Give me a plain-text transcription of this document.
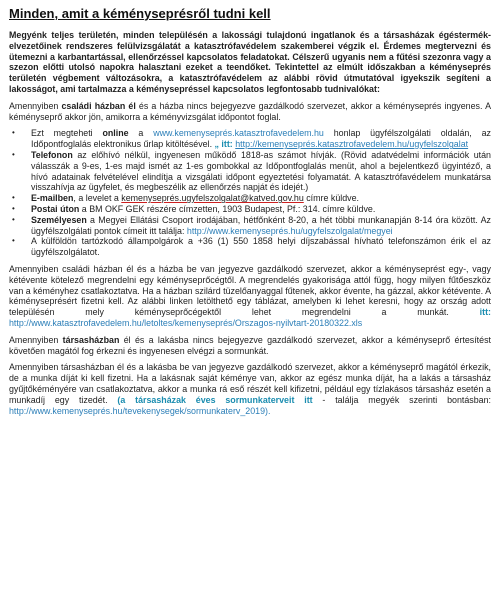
Minden, amit a kéményseprésről tudni kell

Megyénk teljes területén, minden településén a lakossági tulajdonú ingatlanok és a társasházak égéstermék-elvezetőinek rendszeres felülvizsgálatát a katasztrófavédelem szakemberei végzik el. Érdemes megtervezni és ütemezni a karbantartással, ellenőrzéssel kapcsolatos feladatokat. Célszerű ugyanis nem a fűtési szezonra vagy a szezon előtti utolsó napokra halasztani ezeket a teendőket. Tekintettel az elmúlt időszakban a kéményseprés területén végbement változásokra, a katasztrófavédelem az alábbi rövid útmutatóval igyekszik segíteni a lakosságot, ami tartalmazza a kéménysepréssel kapcsolatos legfontosabb tudnivalókat:

Amennyiben családi házban él és a házba nincs bejegyezve gazdálkodó szervezet, akkor a kéményseprés ingyenes. A kéményseprő akkor jön, amikorra a kéményvizsgálat időpontot foglal.

• Ezt megteheti online a www.kemenyseprés.katasztrofavedelem.hu honlap ügyfélszolgálati oldalán, az Időpontfoglalás elektronikus űrlap kitöltésével. „ itt: http://kemenyseprés.katasztrofavedelem.hu/ugyfelszolgalat
• Telefonon az előhívó nélkül, ingyenesen működő 1818-as számot hívják. (Rövid adatvédelmi információk után válasszák a 9-es, 1-es majd ismét az 1-es gombokkal az Időpontfoglalás menüt, ahol a bejelentkező ügyintéző, a hívó adatainak felvételével elindítja a vizsgálati időpont egyeztetési folyamatát. A katasztrófavédelem munkatársa visszahívja az ügyfelet, és megbeszélik az ellenőrzés napját és idejét.)
• E-mailben, a levelet a kemenyseprés.ugyfelszolgalat@katved.gov.hu címre küldve.
• Postai úton a BM OKF GEK részére címzetten, 1903 Budapest, Pf.: 314. címre küldve.
• Személyesen a Megyei Ellátási Csoport irodájában, hétfőnként 8-20, a hét többi munkanapján 8-14 óra között. Az ügyfélszolgálati pontok címeit itt találja: http://www.kemenyseprés.hu/ugyfelszolgalat/megyei
• A külföldön tartózkodó állampolgárok a +36 (1) 550 1858 helyi díjszabással hívható telefonszámon érik el az ügyfélszolgálatot.

Amennyiben családi házban él és a házba be van jegyezve gazdálkodó szervezet, akkor a kéményseprést egy-, vagy kétévente kötelező megrendelni egy kéményseprőcégtől. A megrendelés gyakorisága attól függ, hogy milyen fűtőeszköz van a kéményhez csatlakoztatva. Ha a házban szilárd tüzelőanyaggal fűtenek, akkor évente, ha gázzal, akkor kétévente. A kéményseprésért fizetni kell. Az alábbi linken letölthető egy táblázat, amelyben ki lehet keresni, hogy az ország adott településén mely kéményseprőcégektől lehet megrendelni a munkát. itt: http://www.katasztrofavedelem.hu/letoltes/kemenyseprés/Orszagos-nyilvtart-20180322.xls

Amennyiben társasházban él és a lakásba nincs bejegyezve gazdálkodó szervezet, akkor a kéményseprő értesítést követően magától fog érkezni és ingyenesen elvégzi a sormunkát.

Amennyiben társasházban él és a lakásba be van jegyezve gazdálkodó szervezet, akkor a kéményseprő magától érkezik, de a munka díját ki kell fizetni. Ha a lakásnak saját kéménye van, akkor az egész munka díját, ha a lakás a társasház gyűjtőkéményére van csatlakoztatva, akkor a munka rá eső részét kell kifizetni, például egy tízlakásos társasház esetén a munkadíj egy tizedét. (a társasházak éves sormunkaterveit itt - találja megyék szerinti bontásban: http://www.kemenyseprés.hu/tevekenysegek/sormunkaterv_2019).
